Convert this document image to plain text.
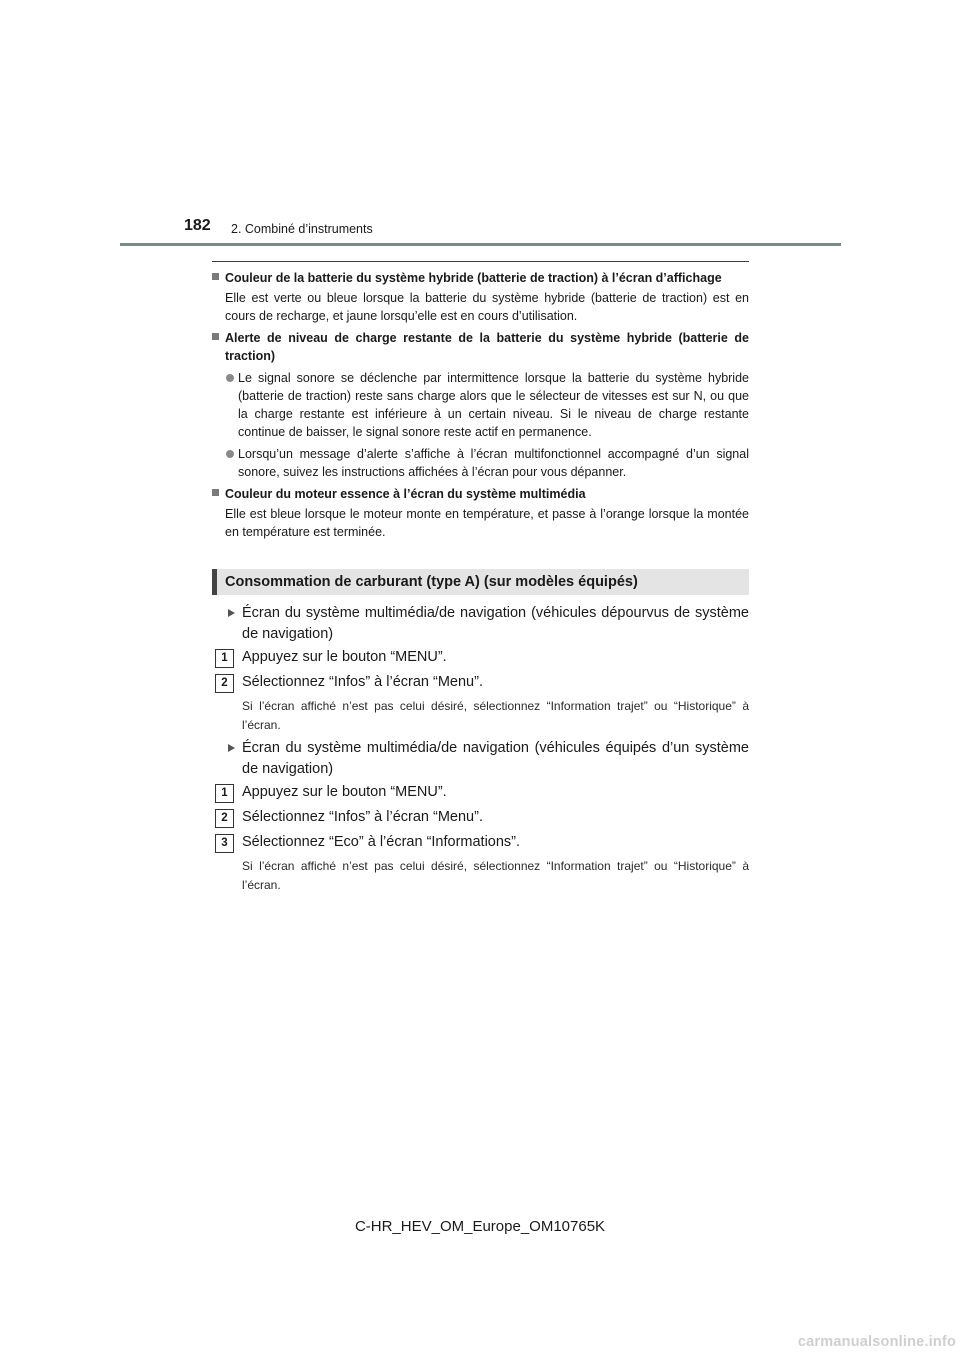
182 2. Combiné d’instruments
Couleur de la batterie du système hybride (batterie de traction) à l’écran d’affichage

Elle est verte ou bleue lorsque la batterie du système hybride (batterie de traction) est en cours de recharge, et jaune lorsqu’elle est en cours d’utilisation.

Alerte de niveau de charge restante de la batterie du système hybride (batterie de traction)
Le signal sonore se déclenche par intermittence lorsque la batterie du système hybride (batterie de traction) reste sans charge alors que le sélecteur de vitesses est sur N, ou que la charge restante est inférieure à un certain niveau. Si le niveau de charge restante continue de baisser, le signal sonore reste actif en permanence.
Lorsqu’un message d’alerte s’affiche à l’écran multifonctionnel accompagné d’un signal sonore, suivez les instructions affichées à l’écran pour vous dépanner.
Couleur du moteur essence à l’écran du système multimédia

Elle est bleue lorsque le moteur monte en température, et passe à l’orange lorsque la montée en température est terminée.

Consommation de carburant (type A) (sur modèles équipés)
Écran du système multimédia/de navigation (véhicules dépourvus de système de navigation)
1 Appuyez sur le bouton “MENU”.
2 Sélectionnez “Infos” à l’écran “Menu”.
Si l’écran affiché n’est pas celui désiré, sélectionnez “Information trajet” ou “Historique” à l’écran.
Écran du système multimédia/de navigation (véhicules équipés d’un système de navigation)
1 Appuyez sur le bouton “MENU”.
2 Sélectionnez “Infos” à l’écran “Menu”.
3 Sélectionnez “Eco” à l’écran “Informations”.
Si l’écran affiché n’est pas celui désiré, sélectionnez “Information trajet” ou “Historique” à l’écran.
C-HR_HEV_OM_Europe_OM10765K
carmanualsonline.info
